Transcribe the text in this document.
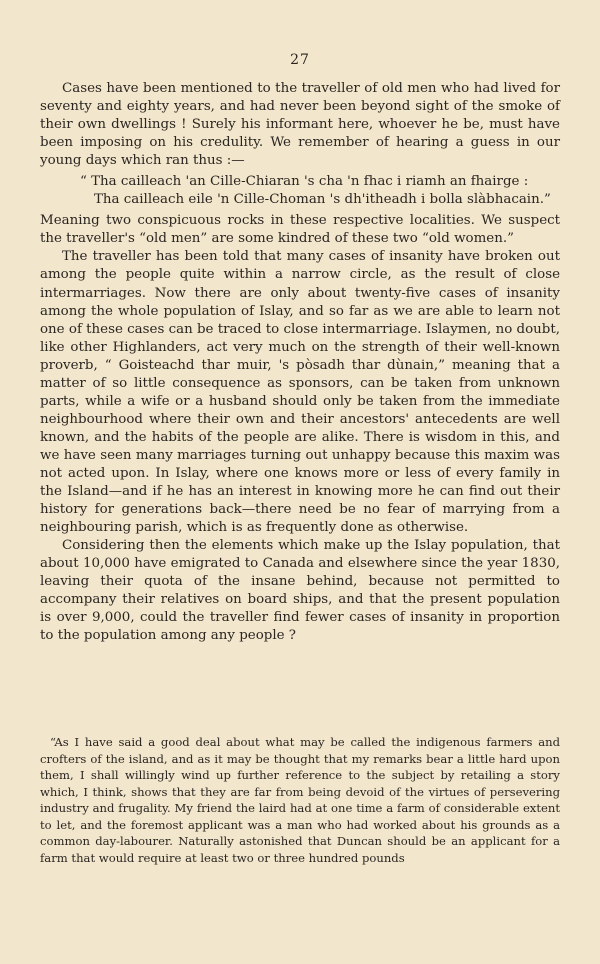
27

Cases have been mentioned to the traveller of old men who had lived for seventy and eighty years, and had never been beyond sight of the smoke of their own dwellings ! Surely his informant here, whoever he be, must have been imposing on his credulity. We remember of hearing a guess in our young days which ran thus :—

“ Tha cailleach 'an Cille-Chiaran 's cha 'n fhac i riamh an fhairge :
Tha cailleach eile 'n Cille-Choman 's dh'itheadh i bolla slàbhacain.”

Meaning two conspicuous rocks in these respective localities. We suspect the traveller's “old men” are some kindred of these two “old women.”

The traveller has been told that many cases of insanity have broken out among the people quite within a narrow circle, as the result of close intermarriages. Now there are only about twenty-five cases of insanity among the whole population of Islay, and so far as we are able to learn not one of these cases can be traced to close intermarriage. Islaymen, no doubt, like other Highlanders, act very much on the strength of their well-known proverb, “ Goisteachd thar muir, 's pòsadh thar dùnain,” meaning that a matter of so little consequence as sponsors, can be taken from unknown parts, while a wife or a husband should only be taken from the immediate neighbourhood where their own and their ancestors' antecedents are well known, and the habits of the people are alike. There is wisdom in this, and we have seen many marriages turning out unhappy because this maxim was not acted upon. In Islay, where one knows more or less of every family in the Island—and if he has an interest in knowing more he can find out their history for generations back—there need be no fear of marrying from a neighbouring parish, which is as frequently done as otherwise.

Considering then the elements which make up the Islay population, that about 10,000 have emigrated to Canada and elsewhere since the year 1830, leaving their quota of the insane behind, because not permitted to accompany their relatives on board ships, and that the present population is over 9,000, could the traveller find fewer cases of insanity in proportion to the population among any people ?

“As I have said a good deal about what may be called the indigenous farmers and crofters of the island, and as it may be thought that my remarks bear a little hard upon them, I shall willingly wind up further reference to the subject by retailing a story which, I think, shows that they are far from being devoid of the virtues of persevering industry and frugality. My friend the laird had at one time a farm of considerable extent to let, and the foremost applicant was a man who had worked about his grounds as a common day-labourer. Naturally astonished that Duncan should be an applicant for a farm that would require at least two or three hundred pounds
